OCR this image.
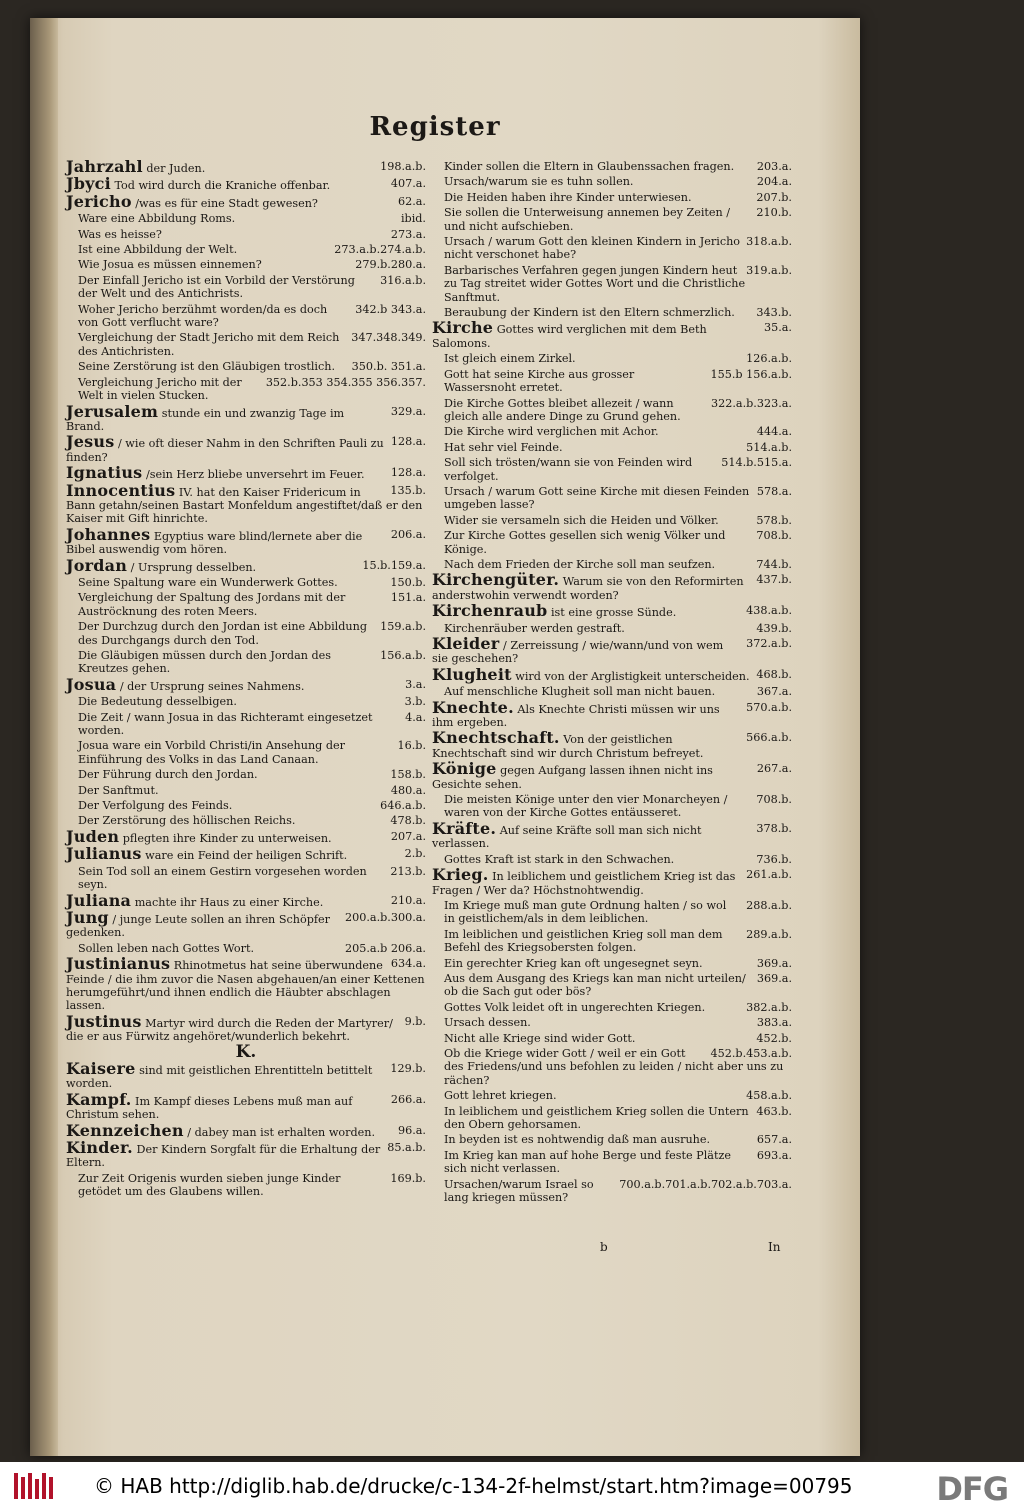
Register
198.a.b.
Jahrzahl der Juden.
407.a.
Jbyci Tod wird durch die Kraniche offenbar.
62.a.
Jericho /was es für eine Stadt gewesen?
ibid.
Ware eine Abbildung Roms.
273.a.
Was es heisse?
273.a.b.274.a.b.
Ist eine Abbildung der Welt.
279.b.280.a.
Wie Josua es müssen einnemen?
316.a.b.
Der Einfall Jericho ist ein Vorbild der Verstörung der Welt und des Antichrists.
342.b 343.a.
Woher Jericho berzühmt worden/da es doch von Gott verflucht ware?
347.348.349.
Vergleichung der Stadt Jericho mit dem Reich des Antichristen.
350.b. 351.a.
Seine Zerstörung ist den Gläubigen trostlich.
352.b.353 354.355 356.357.
Vergleichung Jericho mit der Welt in vielen Stucken.
329.a.
Jerusalem stunde ein und zwanzig Tage im Brand.
128.a.
Jesus / wie oft dieser Nahm in den Schriften Pauli zu finden?
128.a.
Ignatius /sein Herz bliebe unversehrt im Feuer.
135.b.
Innocentius IV. hat den Kaiser Fridericum in Bann getahn/seinen Bastart Monfeldum angestiftet/daß er den Kaiser mit Gift hinrichte.
206.a.
Johannes Egyptius ware blind/lernete aber die Bibel auswendig vom hören.
15.b.159.a.
Jordan / Ursprung desselben.
150.b.
Seine Spaltung ware ein Wunderwerk Gottes.
151.a.
Vergleichung der Spaltung des Jordans mit der Auströcknung des roten Meers.
159.a.b.
Der Durchzug durch den Jordan ist eine Abbildung des Durchgangs durch den Tod.
156.a.b.
Die Gläubigen müssen durch den Jordan des Kreutzes gehen.
3.a.
Josua / der Ursprung seines Nahmens.
3.b.
Die Bedeutung desselbigen.
4.a.
Die Zeit / wann Josua in das Richteramt eingesetzet worden.
16.b.
Josua ware ein Vorbild Christi/in Ansehung der Einführung des Volks in das Land Canaan.
158.b.
Der Führung durch den Jordan.
480.a.
Der Sanftmut.
646.a.b.
Der Verfolgung des Feinds.
478.b.
Der Zerstörung des höllischen Reichs.
207.a.
Juden pflegten ihre Kinder zu unterweisen.
2.b.
Julianus ware ein Feind der heiligen Schrift.
213.b.
Sein Tod soll an einem Gestirn vorgesehen worden seyn.
210.a.
Juliana machte ihr Haus zu einer Kirche.
200.a.b.300.a.
Jung / junge Leute sollen an ihren Schöpfer gedenken.
205.a.b 206.a.
Sollen leben nach Gottes Wort.
634.a.
Justinianus Rhinotmetus hat seine überwundene Feinde / die ihm zuvor die Nasen abgehauen/an einer Kettenen herumgeführt/und ihnen endlich die Häubter abschlagen lassen.
9.b.
Justinus Martyr wird durch die Reden der Martyrer/ die er aus Fürwitz angehöret/wunderlich bekehrt.
K.
129.b.
Kaisere sind mit geistlichen Ehrentitteln betittelt worden.
266.a.
Kampf. Im Kampf dieses Lebens muß man auf Christum sehen.
96.a.
Kennzeichen / dabey man ist erhalten worden.
85.a.b.
Kinder. Der Kindern Sorgfalt für die Erhaltung der Eltern.
169.b.
Zur Zeit Origenis wurden sieben junge Kinder getödet um des Glaubens willen.
203.a.
Kinder sollen die Eltern in Glaubenssachen fragen.
204.a.
Ursach/warum sie es tuhn sollen.
207.b.
Die Heiden haben ihre Kinder unterwiesen.
210.b.
Sie sollen die Unterweisung annemen bey Zeiten / und nicht aufschieben.
318.a.b.
Ursach / warum Gott den kleinen Kindern in Jericho nicht verschonet habe?
319.a.b.
Barbarisches Verfahren gegen jungen Kindern heut zu Tag streitet wider Gottes Wort und die Christliche Sanftmut.
343.b.
Beraubung der Kindern ist den Eltern schmerzlich.
35.a.
Kirche Gottes wird verglichen mit dem Beth Salomons.
126.a.b.
Ist gleich einem Zirkel.
155.b 156.a.b.
Gott hat seine Kirche aus grosser Wassersnoht erretet.
322.a.b.323.a.
Die Kirche Gottes bleibet allezeit / wann gleich alle andere Dinge zu Grund gehen.
444.a.
Die Kirche wird verglichen mit Achor.
514.a.b.
Hat sehr viel Feinde.
514.b.515.a.
Soll sich trösten/wann sie von Feinden wird verfolget.
578.a.
Ursach / warum Gott seine Kirche mit diesen Feinden umgeben lasse?
578.b.
Wider sie versameln sich die Heiden und Völker.
708.b.
Zur Kirche Gottes gesellen sich wenig Völker und Könige.
744.b.
Nach dem Frieden der Kirche soll man seufzen.
437.b.
Kirchengüter. Warum sie von den Reformirten anderstwohin verwendt worden?
438.a.b.
Kirchenraub ist eine grosse Sünde.
439.b.
Kirchenräuber werden gestraft.
372.a.b.
Kleider / Zerreissung / wie/wann/und von wem sie geschehen?
468.b.
Klugheit wird von der Arglistigkeit unterscheiden.
367.a.
Auf menschliche Klugheit soll man nicht bauen.
570.a.b.
Knechte. Als Knechte Christi müssen wir uns ihm ergeben.
566.a.b.
Knechtschaft. Von der geistlichen Knechtschaft sind wir durch Christum befreyet.
267.a.
Könige gegen Aufgang lassen ihnen nicht ins Gesichte sehen.
708.b.
Die meisten Könige unter den vier Monarcheyen / waren von der Kirche Gottes entäusseret.
378.b.
Kräfte. Auf seine Kräfte soll man sich nicht verlassen.
736.b.
Gottes Kraft ist stark in den Schwachen.
261.a.b.
Krieg. In leiblichem und geistlichem Krieg ist das Fragen / Wer da? Höchstnohtwendig.
288.a.b.
Im Kriege muß man gute Ordnung halten / so wol in geistlichem/als in dem leiblichen.
289.a.b.
Im leiblichen und geistlichen Krieg soll man dem Befehl des Kriegsobersten folgen.
369.a.
Ein gerechter Krieg kan oft ungesegnet seyn.
369.a.
Aus dem Ausgang des Kriegs kan man nicht urteilen/ ob die Sach gut oder bös?
382.a.b.
Gottes Volk leidet oft in ungerechten Kriegen.
383.a.
Ursach dessen.
452.b.
Nicht alle Kriege sind wider Gott.
452.b.453.a.b.
Ob die Kriege wider Gott / weil er ein Gott des Friedens/und uns befohlen zu leiden / nicht aber uns zu rächen?
458.a.b.
Gott lehret kriegen.
463.b.
In leiblichem und geistlichem Krieg sollen die Untern den Obern gehorsamen.
657.a.
In beyden ist es nohtwendig daß man ausruhe.
693.a.
Im Krieg kan man auf hohe Berge und feste Plätze sich nicht verlassen.
700.a.b.701.a.b.702.a.b.703.a.
Ursachen/warum Israel so lang kriegen müssen?
b	In
© HAB http://diglib.hab.de/drucke/c-134-2f-helmst/start.htm?image=00795	DFG
